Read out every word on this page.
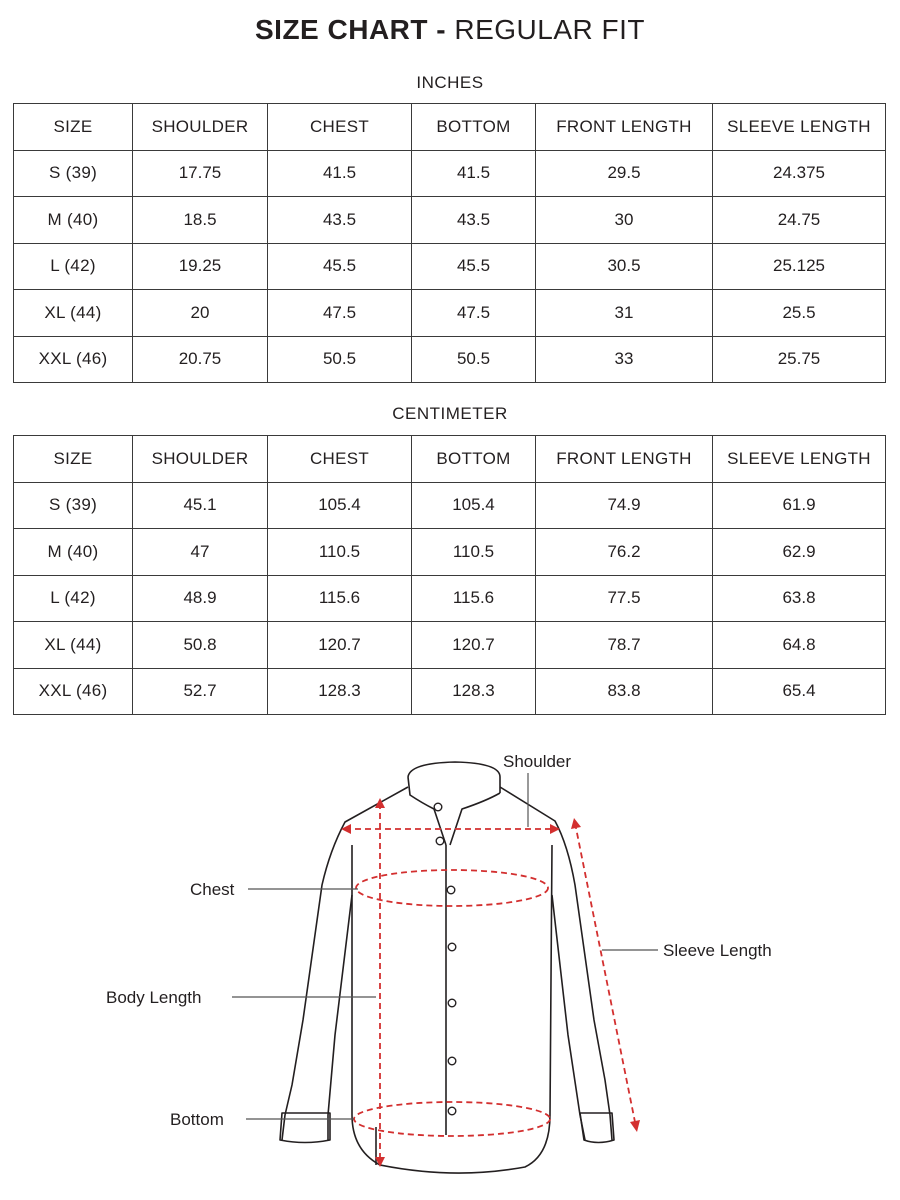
SIZE CHART - REGULAR FIT
INCHES
SIZE	SHOULDER	CHEST	BOTTOM	FRONT LENGTH	SLEEVE LENGTH
S (39)	17.75	41.5	41.5	29.5	24.375
M (40)	18.5	43.5	43.5	30	24.75
L (42)	19.25	45.5	45.5	30.5	25.125
XL (44)	20	47.5	47.5	31	25.5
XXL (46)	20.75	50.5	50.5	33	25.75
CENTIMETER
SIZE	SHOULDER	CHEST	BOTTOM	FRONT LENGTH	SLEEVE LENGTH
S (39)	45.1	105.4	105.4	74.9	61.9
M (40)	47	110.5	110.5	76.2	62.9
L (42)	48.9	115.6	115.6	77.5	63.8
XL (44)	50.8	120.7	120.7	78.7	64.8
XXL (46)	52.7	128.3	128.3	83.8	65.4
Shoulder
Chest
Sleeve Length
Body Length
Bottom
